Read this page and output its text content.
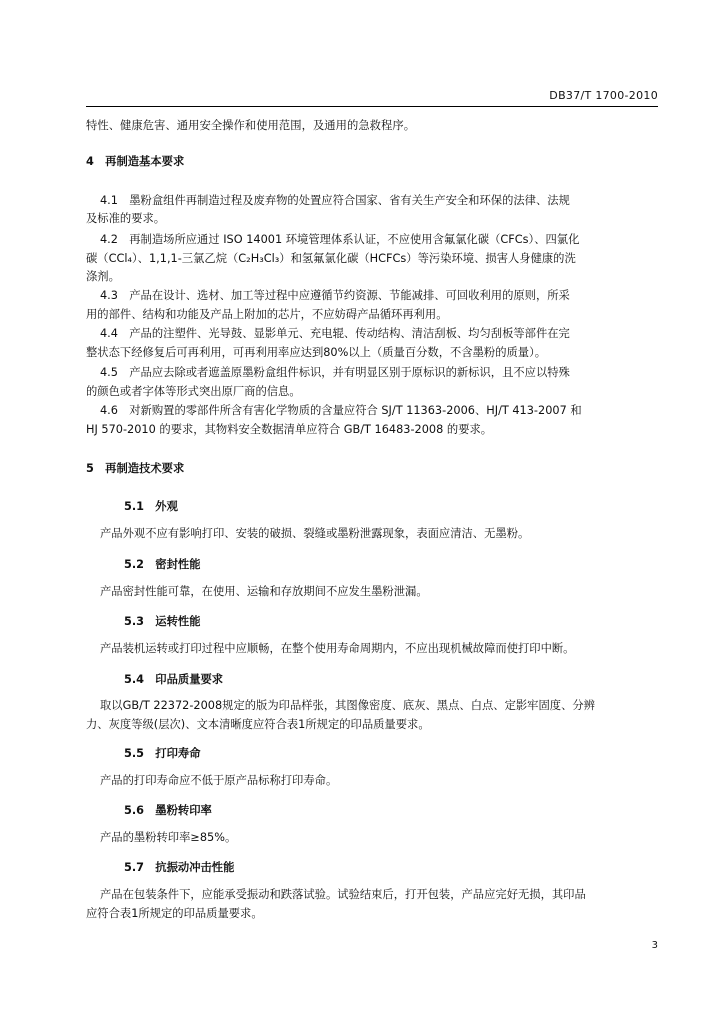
DB37/T 1700-2010
特性、健康危害、通用安全操作和使用范围，及通用的急救程序。
4　再制造基本要求
4.1　墨粉盒组件再制造过程及废弃物的处置应符合国家、省有关生产安全和环保的法律、法规
及标准的要求。
4.2　再制造场所应通过 ISO 14001 环境管理体系认证，不应使用含氟氯化碳（CFCs）、四氯化
碳（CCl₄）、1,1,1-三氯乙烷（C₂H₃Cl₃）和氢氟氯化碳（HCFCs）等污染环境、损害人身健康的洗
涤剂。
4.3　产品在设计、选材、加工等过程中应遵循节约资源、节能减排、可回收利用的原则，所采
用的部件、结构和功能及产品上附加的芯片，不应妨碍产品循环再利用。
4.4　产品的注塑件、光导鼓、显影单元、充电辊、传动结构、清洁刮板、均匀刮板等部件在完
整状态下经修复后可再利用，可再利用率应达到80%以上（质量百分数，不含墨粉的质量）。
4.5　产品应去除或者遮盖原墨粉盒组件标识，并有明显区别于原标识的新标识，且不应以特殊
的颜色或者字体等形式突出原厂商的信息。
4.6　对新购置的零部件所含有害化学物质的含量应符合 SJ/T 11363-2006、HJ/T 413-2007 和
HJ 570-2010 的要求，其物料安全数据清单应符合 GB/T 16483-2008 的要求。
5　再制造技术要求
5.1　外观
产品外观不应有影响打印、安装的破损、裂缝或墨粉泄露现象，表面应清洁、无墨粉。
5.2　密封性能
产品密封性能可靠，在使用、运输和存放期间不应发生墨粉泄漏。
5.3　运转性能
产品装机运转或打印过程中应顺畅，在整个使用寿命周期内，不应出现机械故障而使打印中断。
5.4　印品质量要求
取以GB/T 22372-2008规定的版为印品样张，其图像密度、底灰、黑点、白点、定影牢固度、分辨
力、灰度等级(层次)、文本清晰度应符合表1所规定的印品质量要求。
5.5　打印寿命
产品的打印寿命应不低于原产品标称打印寿命。
5.6　墨粉转印率
产品的墨粉转印率≥85%。
5.7　抗振动冲击性能
产品在包装条件下，应能承受振动和跌落试验。试验结束后，打开包装，产品应完好无损，其印品
应符合表1所规定的印品质量要求。
3
